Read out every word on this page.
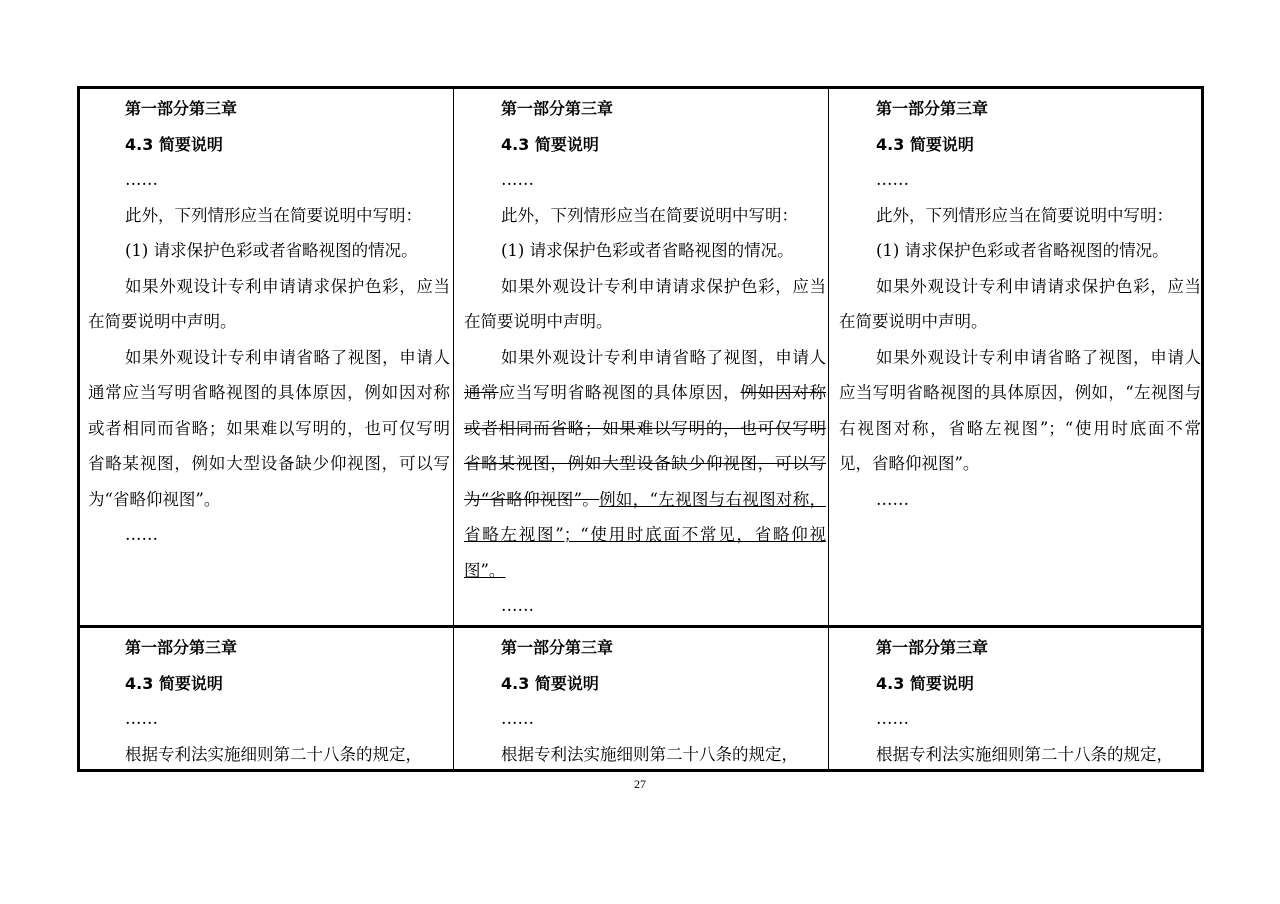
第一部分第三章

4.3 简要说明

……

此外，下列情形应当在简要说明中写明：

(1) 请求保护色彩或者省略视图的情况。

如果外观设计专利申请请求保护色彩，应当在简要说明中声明。

如果外观设计专利申请省略了视图，申请人通常应当写明省略视图的具体原因，例如因对称或者相同而省略；如果难以写明的，也可仅写明省略某视图，例如大型设备缺少仰视图，可以写为“省略仰视图”。

……

第一部分第三章

4.3 简要说明

……

此外，下列情形应当在简要说明中写明：

(1) 请求保护色彩或者省略视图的情况。

如果外观设计专利申请请求保护色彩，应当在简要说明中声明。

如果外观设计专利申请省略了视图，申请人通常应当写明省略视图的具体原因，例如因对称或者相同而省略；如果难以写明的，也可仅写明省略某视图，例如大型设备缺少仰视图，可以写为“省略仰视图”。例如，“左视图与右视图对称，省略左视图”；“使用时底面不常见，省略仰视图”。

……

第一部分第三章

4.3 简要说明

……

此外，下列情形应当在简要说明中写明：

(1) 请求保护色彩或者省略视图的情况。

如果外观设计专利申请请求保护色彩，应当在简要说明中声明。

如果外观设计专利申请省略了视图，申请人应当写明省略视图的具体原因，例如，“左视图与右视图对称，省略左视图”；“使用时底面不常见，省略仰视图”。

……

第一部分第三章

4.3 简要说明

……

根据专利法实施细则第二十八条的规定，

第一部分第三章

4.3 简要说明

……

根据专利法实施细则第二十八条的规定，

第一部分第三章

4.3 简要说明

……

根据专利法实施细则第二十八条的规定，

27
